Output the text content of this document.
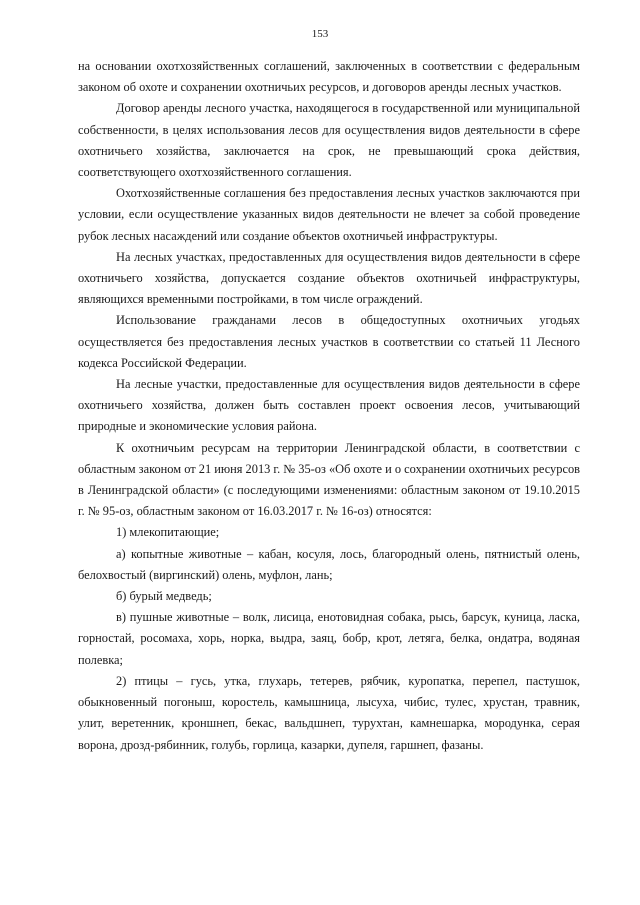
153

на основании охотхозяйственных соглашений, заключенных в соответствии с федеральным законом об охоте и сохранении охотничьих ресурсов, и договоров аренды лесных участков.

Договор аренды лесного участка, находящегося в государственной или муниципальной собственности, в целях использования лесов для осуществления видов деятельности в сфере охотничьего хозяйства, заключается на срок, не превышающий срока действия, соответствующего охотхозяйственного соглашения.

Охотхозяйственные соглашения без предоставления лесных участков заключаются при условии, если осуществление указанных видов деятельности не влечет за собой проведение рубок лесных насаждений или создание объектов охотничьей инфраструктуры.

На лесных участках, предоставленных для осуществления видов деятельности в сфере охотничьего хозяйства, допускается создание объектов охотничьей инфраструктуры, являющихся временными постройками, в том числе ограждений.

Использование гражданами лесов в общедоступных охотничьих угодьях осуществляется без предоставления лесных участков в соответствии со статьей 11 Лесного кодекса Российской Федерации.

На лесные участки, предоставленные для осуществления видов деятельности в сфере охотничьего хозяйства, должен быть составлен проект освоения лесов, учитывающий природные и экономические условия района.

К охотничьим ресурсам на территории Ленинградской области, в соответствии с областным законом от 21 июня 2013 г. № 35-оз «Об охоте и о сохранении охотничьих ресурсов в Ленинградской области» (с последующими изменениями: областным законом от 19.10.2015 г. № 95-оз, областным законом от 16.03.2017 г. № 16-оз) относятся:

1) млекопитающие;

а) копытные животные – кабан, косуля, лось, благородный олень, пятнистый олень, белохвостый (виргинский) олень, муфлон, лань;

б) бурый медведь;

в) пушные животные – волк, лисица, енотовидная собака, рысь, барсук, куница, ласка, горностай, росомаха, хорь, норка, выдра, заяц, бобр, крот, летяга, белка, ондатра, водяная полевка;

2) птицы – гусь, утка, глухарь, тетерев, рябчик, куропатка, перепел, пастушок, обыкновенный погоныш, коростель, камышница, лысуха, чибис, тулес, хрустан, травник, улит, веретенник, кроншнеп, бекас, вальдшнеп, турухтан, камнешарка, мородунка, серая ворона, дрозд-рябинник, голубь, горлица, казарки, дупеля, гаршнеп, фазаны.
